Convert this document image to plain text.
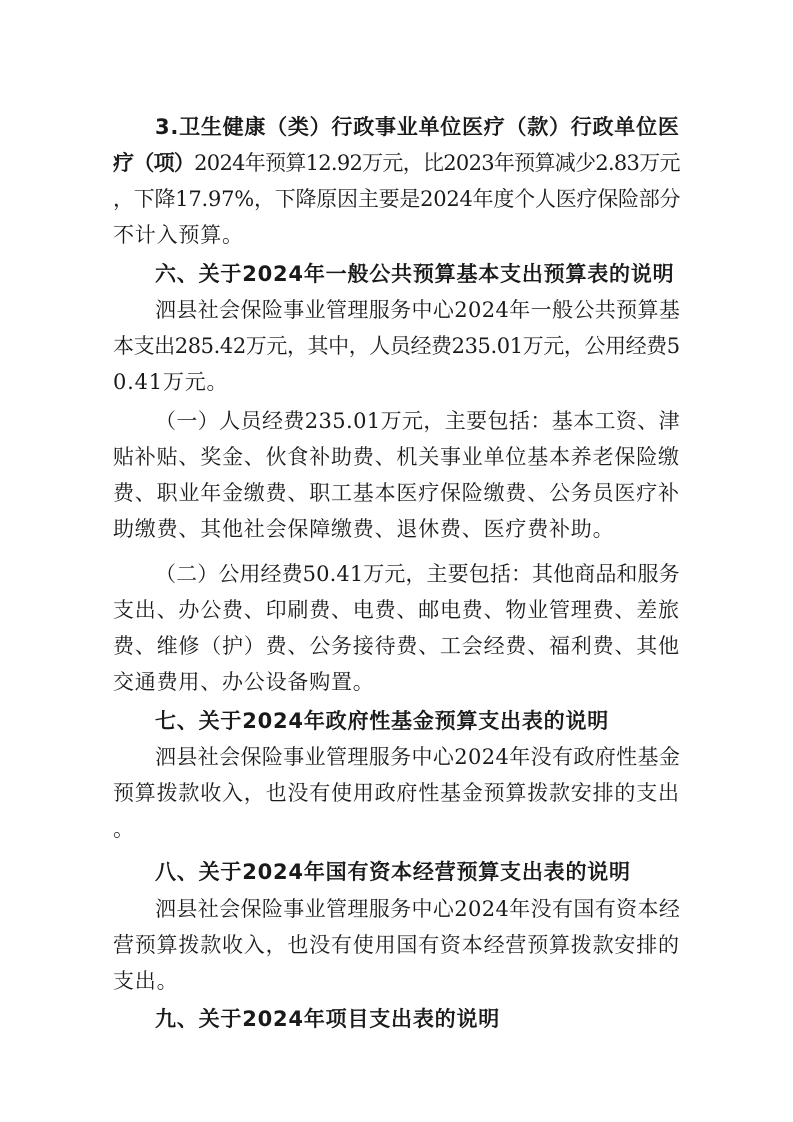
3.卫生健康（类）行政事业单位医疗（款）行政单位医
疗（项）2024年预算12.92万元，比2023年预算减少2.83万元
，下降17.97%，下降原因主要是2024年度个人医疗保险部分
不计入预算。
六、关于2024年一般公共预算基本支出预算表的说明
泗县社会保险事业管理服务中心2024年一般公共预算基
本支出285.42万元，其中，人员经费235.01万元，公用经费5
0.41万元。
（一）人员经费235.01万元，主要包括：基本工资、津
贴补贴、奖金、伙食补助费、机关事业单位基本养老保险缴
费、职业年金缴费、职工基本医疗保险缴费、公务员医疗补
助缴费、其他社会保障缴费、退休费、医疗费补助。
（二）公用经费50.41万元，主要包括：其他商品和服务
支出、办公费、印刷费、电费、邮电费、物业管理费、差旅
费、维修（护）费、公务接待费、工会经费、福利费、其他
交通费用、办公设备购置。
七、关于2024年政府性基金预算支出表的说明
泗县社会保险事业管理服务中心2024年没有政府性基金
预算拨款收入，也没有使用政府性基金预算拨款安排的支出
。
八、关于2024年国有资本经营预算支出表的说明
泗县社会保险事业管理服务中心2024年没有国有资本经
营预算拨款收入，也没有使用国有资本经营预算拨款安排的
支出。
九、关于2024年项目支出表的说明
